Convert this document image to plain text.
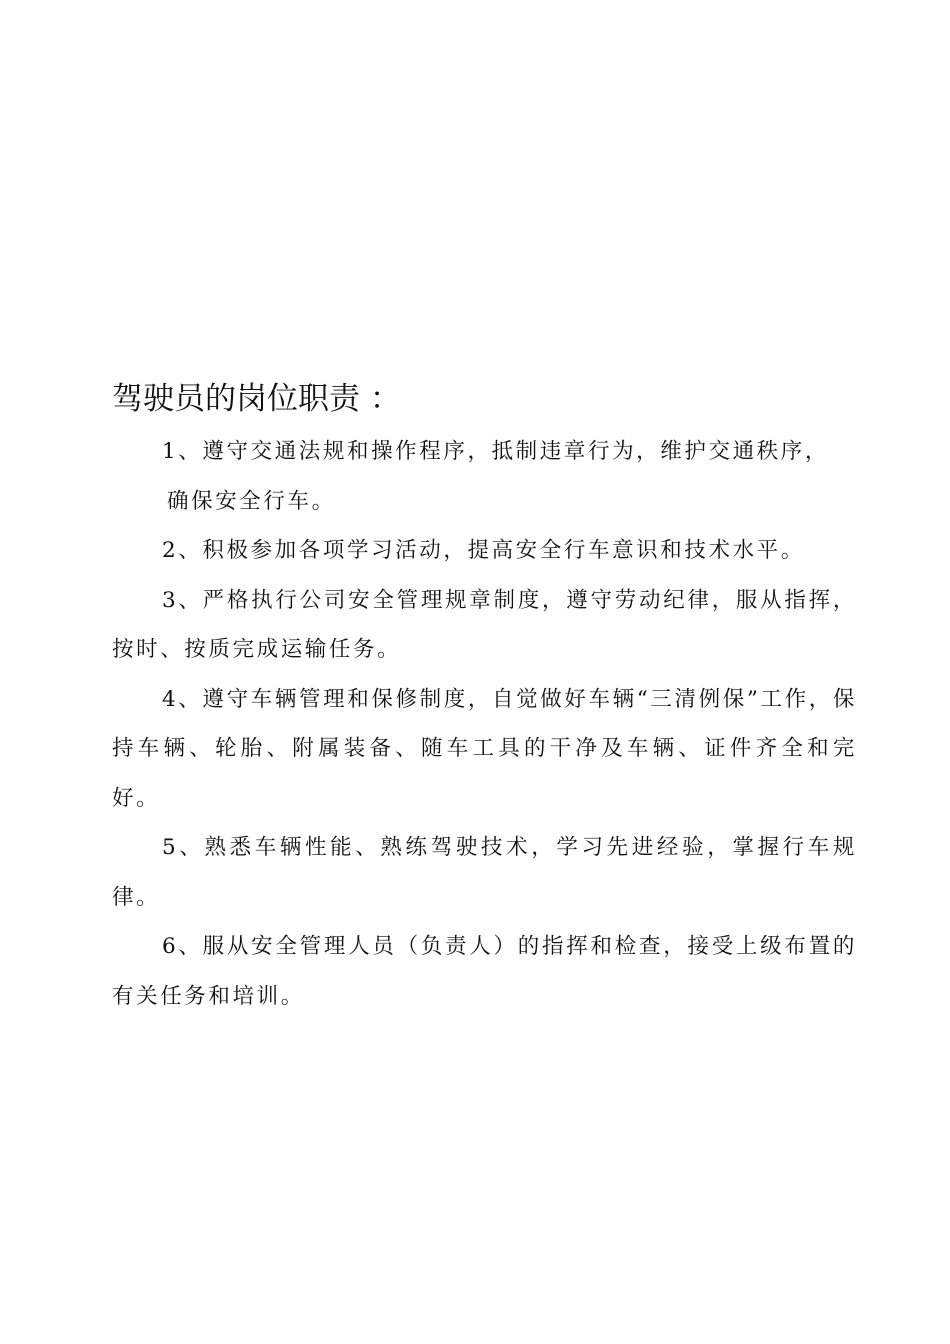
驾驶员的岗位职责 ：

1、遵守交通法规和操作程序，抵制违章行为，维护交通秩序，
确保安全行车。

2、积极参加各项学习活动，提高安全行车意识和技术水平。

3、严格执行公司安全管理规章制度，遵守劳动纪律，服从指挥，按时、按质完成运输任务。

4、遵守车辆管理和保修制度，自觉做好车辆“三清例保”工作，保持车辆、轮胎、附属装备、随车工具的干净及车辆、证件齐全和完好。

5、熟悉车辆性能、熟练驾驶技术，学习先进经验，掌握行车规律。

6、服从安全管理人员（负责人）的指挥和检查，接受上级布置的有关任务和培训。
